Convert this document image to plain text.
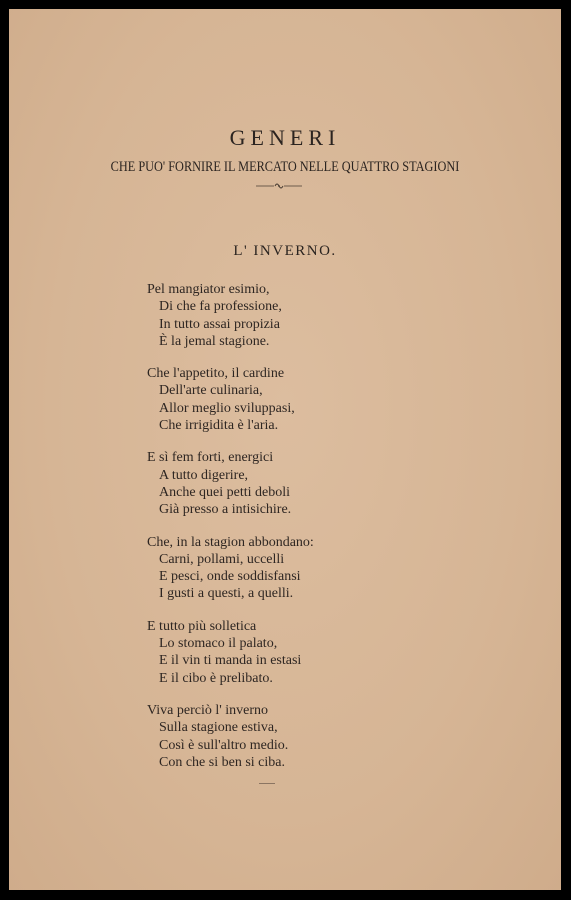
GENERI
CHE PUO' FORNIRE IL MERCATO NELLE QUATTRO STAGIONI
L' INVERNO.
Pel mangiator esimio,
Di che fa professione,
In tutto assai propizia
È la jemal stagione.
Che l'appetito, il cardine
Dell'arte culinaria,
Allor meglio sviluppasi,
Che irrigidita è l'aria.
E sì fem forti, energici
A tutto digerire,
Anche quei petti deboli
Già presso a intisichire.
Che, in la stagion abbondano:
Carni, pollami, uccelli
E pesci, onde soddisfansi
I gusti a questi, a quelli.
E tutto più solletica
Lo stomaco il palato,
E il vin ti manda in estasi
E il cibo è prelibato.
Viva perciò l' inverno
Sulla stagione estiva,
Così è sull'altro medio.
Con che si ben si ciba.
